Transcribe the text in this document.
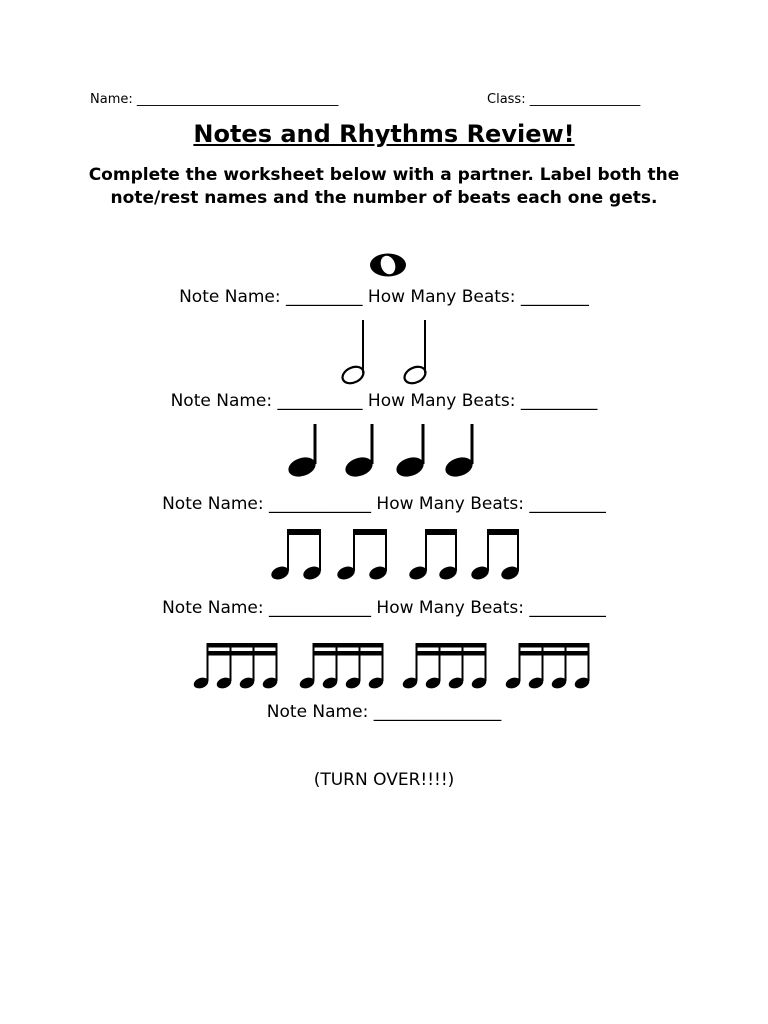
Name: _______________________________	Class: _________________
Notes and Rhythms Review!
Complete the worksheet below with a partner. Label both the note/rest names and the number of beats each one gets.
Note Name: _________ How Many Beats: ________
Note Name: __________ How Many Beats: _________
Note Name: ____________ How Many Beats: _________
Note Name: ____________ How Many Beats: _________
Note Name: _______________
(TURN OVER!!!!)
